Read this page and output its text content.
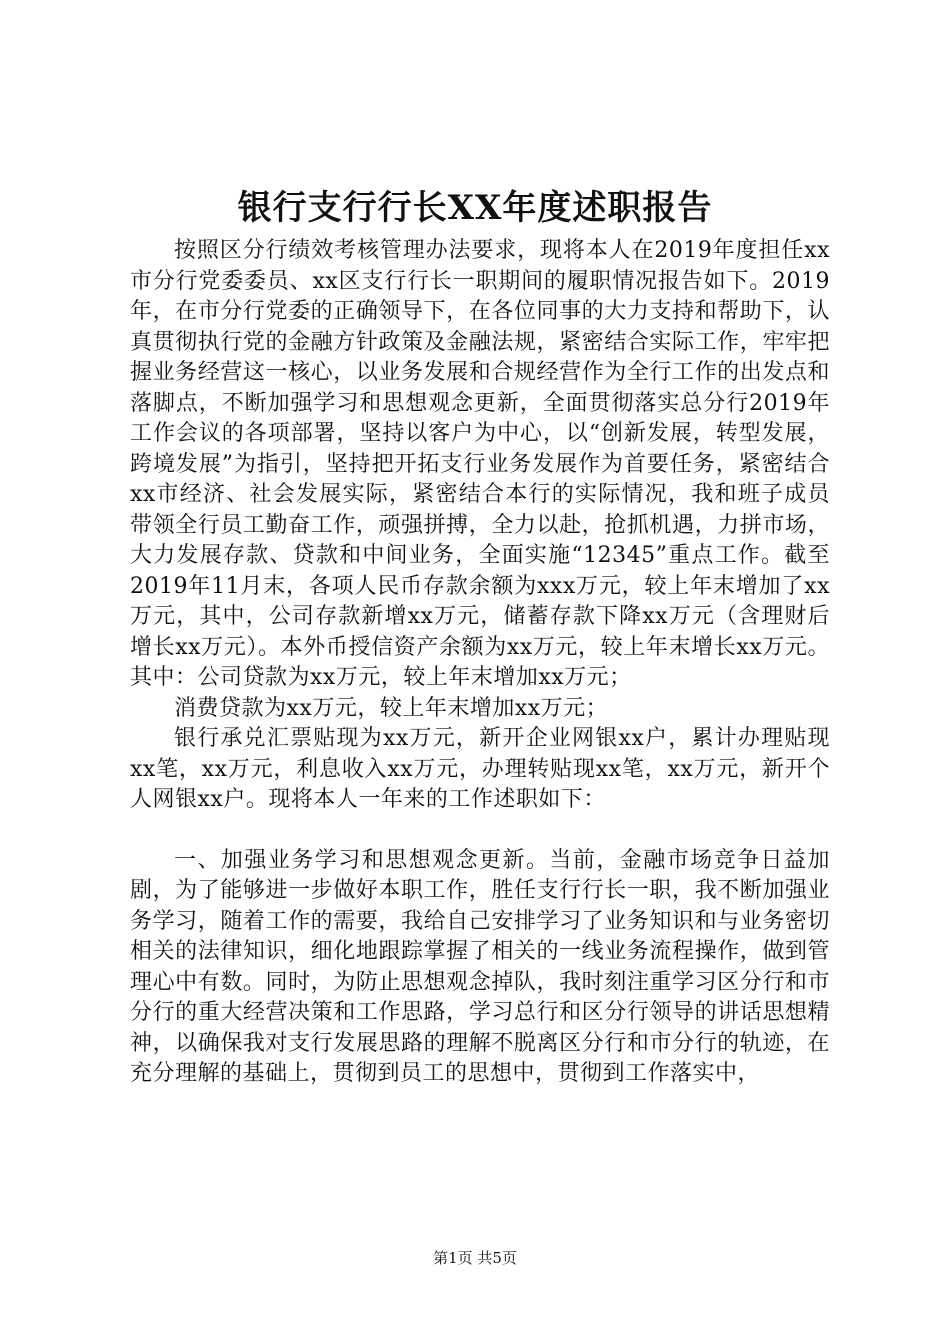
银行支行行长XX年度述职报告

按照区分行绩效考核管理办法要求，现将本人在2019年度担任xx市分行党委委员、xx区支行行长一职期间的履职情况报告如下。2019年，在市分行党委的正确领导下，在各位同事的大力支持和帮助下，认真贯彻执行党的金融方针政策及金融法规，紧密结合实际工作，牢牢把握业务经营这一核心，以业务发展和合规经营作为全行工作的出发点和落脚点，不断加强学习和思想观念更新，全面贯彻落实总分行2019年工作会议的各项部署，坚持以客户为中心，以“创新发展，转型发展，跨境发展”为指引，坚持把开拓支行业务发展作为首要任务，紧密结合xx市经济、社会发展实际，紧密结合本行的实际情况，我和班子成员带领全行员工勤奋工作，顽强拼搏，全力以赴，抢抓机遇，力拼市场，大力发展存款、贷款和中间业务，全面实施“12345”重点工作。截至2019年11月末，各项人民币存款余额为xxx万元，较上年末增加了xx万元，其中，公司存款新增xx万元，储蓄存款下降xx万元（含理财后增长xx万元）。本外币授信资产余额为xx万元，较上年末增长xx万元。其中：公司贷款为xx万元，较上年末增加xx万元；

消费贷款为xx万元，较上年末增加xx万元；

银行承兑汇票贴现为xx万元，新开企业网银xx户，累计办理贴现xx笔，xx万元，利息收入xx万元，办理转贴现xx笔，xx万元，新开个人网银xx户。现将本人一年来的工作述职如下：

一、加强业务学习和思想观念更新。当前，金融市场竞争日益加剧，为了能够进一步做好本职工作，胜任支行行长一职，我不断加强业务学习，随着工作的需要，我给自己安排学习了业务知识和与业务密切相关的法律知识，细化地跟踪掌握了相关的一线业务流程操作，做到管理心中有数。同时，为防止思想观念掉队，我时刻注重学习区分行和市分行的重大经营决策和工作思路，学习总行和区分行领导的讲话思想精神，以确保我对支行发展思路的理解不脱离区分行和市分行的轨迹，在充分理解的基础上，贯彻到员工的思想中，贯彻到工作落实中，

第1页 共5页
